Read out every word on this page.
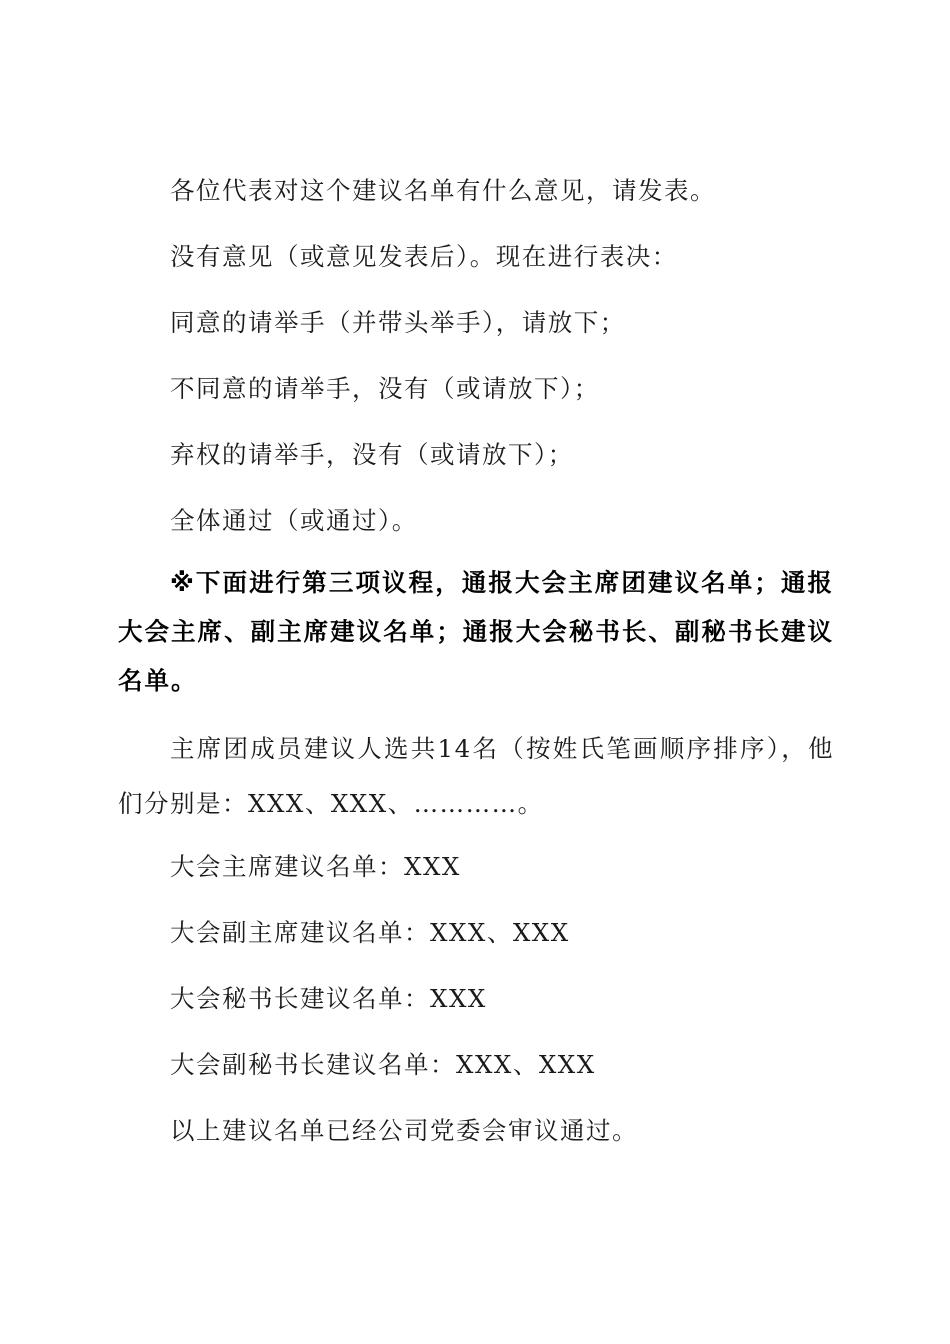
各位代表对这个建议名单有什么意见，请发表。

没有意见（或意见发表后）。现在进行表决：

同意的请举手（并带头举手），请放下；

不同意的请举手，没有（或请放下）；

弃权的请举手，没有（或请放下）；

全体通过（或通过）。

※下面进行第三项议程，通报大会主席团建议名单；通报大会主席、副主席建议名单；通报大会秘书长、副秘书长建议名单。

主席团成员建议人选共14名（按姓氏笔画顺序排序），他们分别是：XXX、XXX、…………。

大会主席建议名单：XXX

大会副主席建议名单：XXX、XXX

大会秘书长建议名单：XXX

大会副秘书长建议名单：XXX、XXX

以上建议名单已经公司党委会审议通过。
